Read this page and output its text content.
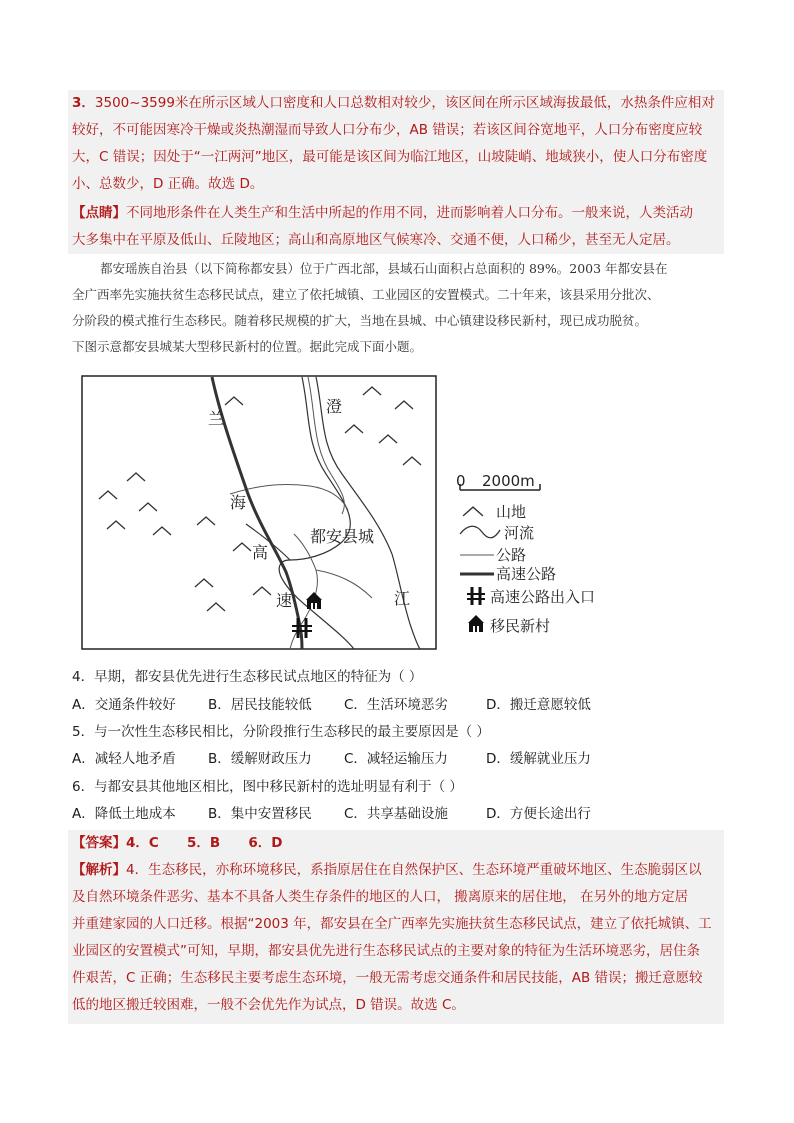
3．3500~3599米在所示区域人口密度和人口总数相对较少，该区间在所示区域海拔最低，水热条件应相对
较好，不可能因寒冷干燥或炎热潮湿而导致人口分布少，AB 错误；若该区间谷宽地平，人口分布密度应较
大，C 错误；因处于“一江两河”地区，最可能是该区间为临江地区，山坡陡峭、地域狭小，使人口分布密度
小、总数少，D 正确。故选 D。
【点睛】不同地形条件在人类生产和生活中所起的作用不同，进而影响着人口分布。一般来说，人类活动
大多集中在平原及低山、丘陵地区；高山和高原地区气候寒冷、交通不便，人口稀少，甚至无人定居。
都安瑶族自治县（以下简称都安县）位于广西北部，县域石山面积占总面积的 89%。2003 年都安县在
全广西率先实施扶贫生态移民试点，建立了依托城镇、工业园区的安置模式。二十年来，该县采用分批次、
分阶段的模式推行生态移民。随着移民规模的扩大，当地在县城、中心镇建设移民新村，现已成功脱贫。
下图示意都安县城某大型移民新村的位置。据此完成下面小题。
兰
海
高
速
澄
江
都安县城
0 2000m
山地
河流
公路
高速公路
高速公路出入口
移民新村
4．早期，都安县优先进行生态移民试点地区的特征为（ ）
A．交通条件较好 B．居民技能较低 C．生活环境恶劣	D．搬迁意愿较低
5．与一次性生态移民相比，分阶段推行生态移民的最主要原因是（ ）
A．减轻人地矛盾 B．缓解财政压力 C．减轻运输压力	D．缓解就业压力
6．与都安县其他地区相比，图中移民新村的选址明显有利于（ ）
A．降低土地成本 B．集中安置移民 C．共享基础设施	D．方便长途出行
【答案】4．C      5．B      6．D
【解析】4．生态移民，亦称环境移民，系指原居住在自然保护区、生态环境严重破坏地区、生态脆弱区以
及自然环境条件恶劣、基本不具备人类生存条件的地区的人口， 搬离原来的居住地， 在另外的地方定居
并重建家园的人口迁移。根据“2003 年，都安县在全广西率先实施扶贫生态移民试点，建立了依托城镇、工
业园区的安置模式”可知，早期，都安县优先进行生态移民试点的主要对象的特征为生活环境恶劣，居住条
件艰苦，C 正确；生态移民主要考虑生态环境，一般无需考虑交通条件和居民技能，AB 错误；搬迁意愿较
低的地区搬迁较困难，一般不会优先作为试点，D 错误。故选 C。
